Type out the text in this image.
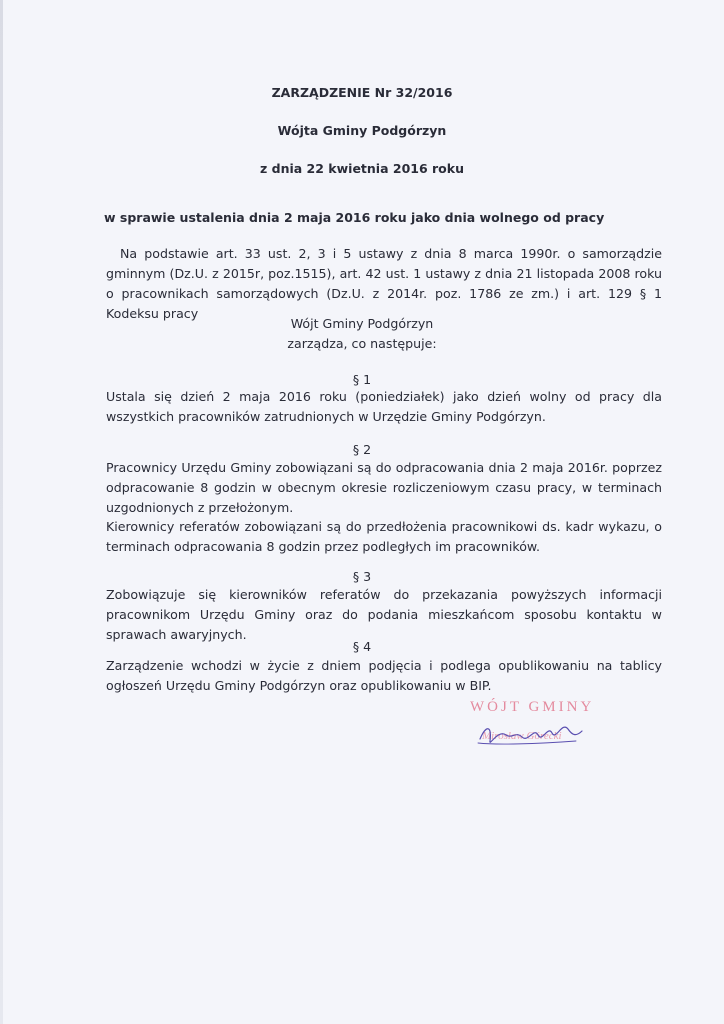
ZARZĄDZENIE Nr 32/2016
Wójta Gminy Podgórzyn
z dnia 22 kwietnia 2016 roku
w sprawie ustalenia dnia 2 maja 2016 roku jako dnia wolnego od pracy
Na podstawie art. 33 ust. 2, 3 i 5 ustawy z dnia 8 marca 1990r. o samorządzie gminnym (Dz.U. z 2015r, poz.1515), art. 42 ust. 1 ustawy z dnia 21 listopada 2008 roku o pracownikach samorządowych (Dz.U. z 2014r. poz. 1786 ze zm.) i art. 129 § 1 Kodeksu pracy
Wójt Gminy Podgórzyn
zarządza, co następuje:
§ 1
Ustala się dzień 2 maja 2016 roku (poniedziałek) jako dzień wolny od pracy dla wszystkich pracowników zatrudnionych w Urzędzie Gminy Podgórzyn.
§ 2
Pracownicy Urzędu Gminy zobowiązani są do odpracowania dnia 2 maja 2016r. poprzez odpracowanie 8 godzin w obecnym okresie rozliczeniowym czasu pracy, w terminach uzgodnionych z przełożonym.
Kierownicy referatów zobowiązani są do przedłożenia pracownikowi ds. kadr wykazu, o terminach odpracowania 8 godzin przez podległych im pracowników.
§ 3
Zobowiązuje się kierowników referatów do przekazania powyższych informacji pracownikom Urzędu Gminy oraz do podania mieszkańcom sposobu kontaktu w sprawach awaryjnych.
§ 4
Zarządzenie wchodzi w życie z dniem podjęcia i podlega opublikowaniu na tablicy ogłoszeń Urzędu Gminy Podgórzyn oraz opublikowaniu w BIP.
WÓJT GMINY
Mirosław Górecki
